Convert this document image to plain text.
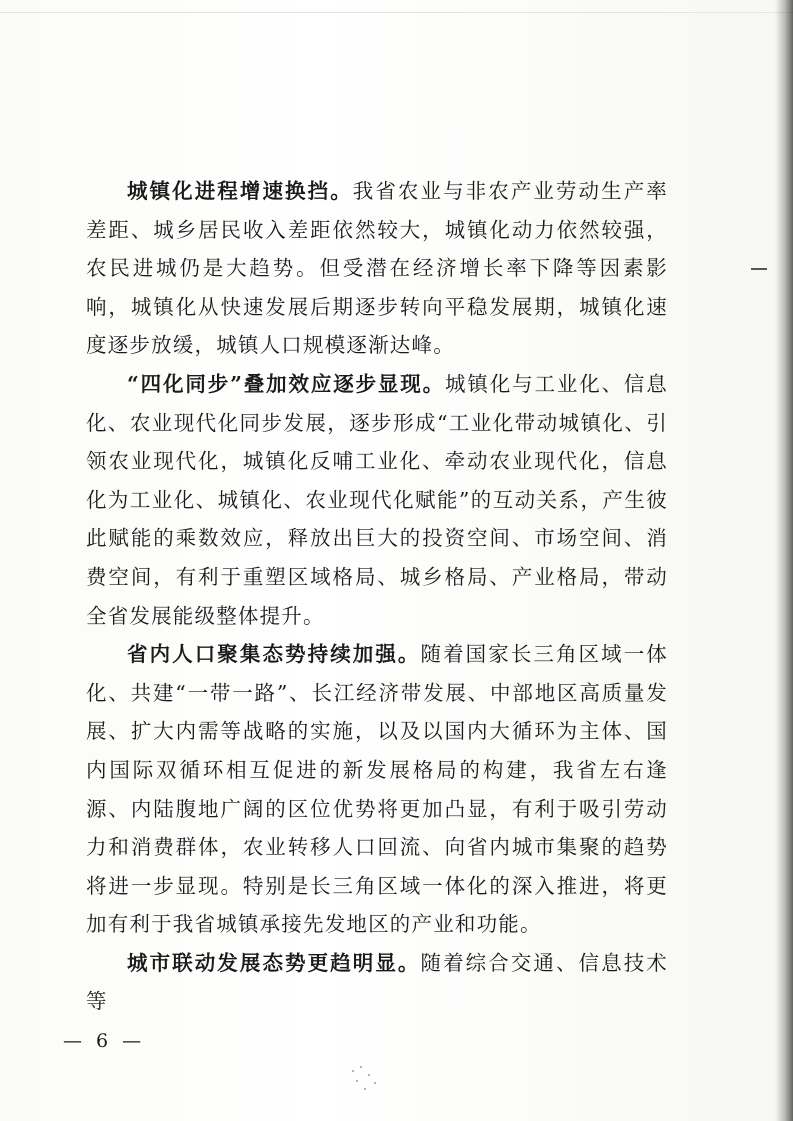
城镇化进程增速换挡。我省农业与非农产业劳动生产率差距、城乡居民收入差距依然较大，城镇化动力依然较强，农民进城仍是大趋势。但受潜在经济增长率下降等因素影响，城镇化从快速发展后期逐步转向平稳发展期，城镇化速度逐步放缓，城镇人口规模逐渐达峰。

“四化同步”叠加效应逐步显现。城镇化与工业化、信息化、农业现代化同步发展，逐步形成“工业化带动城镇化、引领农业现代化，城镇化反哺工业化、牵动农业现代化，信息化为工业化、城镇化、农业现代化赋能”的互动关系，产生彼此赋能的乘数效应，释放出巨大的投资空间、市场空间、消费空间，有利于重塑区域格局、城乡格局、产业格局，带动全省发展能级整体提升。

省内人口聚集态势持续加强。随着国家长三角区域一体化、共建“一带一路”、长江经济带发展、中部地区高质量发展、扩大内需等战略的实施，以及以国内大循环为主体、国内国际双循环相互促进的新发展格局的构建，我省左右逢源、内陆腹地广阔的区位优势将更加凸显，有利于吸引劳动力和消费群体，农业转移人口回流、向省内城市集聚的趋势将进一步显现。特别是长三角区域一体化的深入推进，将更加有利于我省城镇承接先发地区的产业和功能。

城市联动发展态势更趋明显。随着综合交通、信息技术等

— 6 —
